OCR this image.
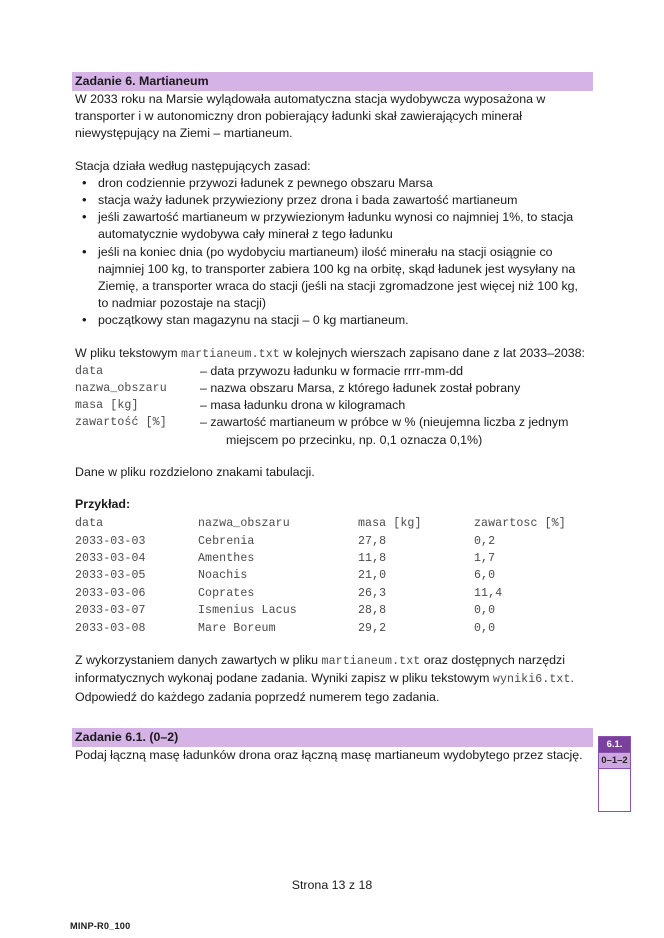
Zadanie 6. Martianeum

W 2033 roku na Marsie wylądowała automatyczna stacja wydobywcza wyposażona w transporter i w autonomiczny dron pobierający ładunki skał zawierających minerał niewystępujący na Ziemi – martianeum.

Stacja działa według następujących zasad:

• dron codziennie przywozi ładunek z pewnego obszaru Marsa
• stacja waży ładunek przywieziony przez drona i bada zawartość martianeum
• jeśli zawartość martianeum w przywiezionym ładunku wynosi co najmniej 1%, to stacja automatycznie wydobywa cały minerał z tego ładunku
• jeśli na koniec dnia (po wydobyciu martianeum) ilość minerału na stacji osiągnie co najmniej 100 kg, to transporter zabiera 100 kg na orbitę, skąd ładunek jest wysyłany na Ziemię, a transporter wraca do stacji (jeśli na stacji zgromadzone jest więcej niż 100 kg, to nadmiar pozostaje na stacji)
• początkowy stan magazynu na stacji – 0 kg martianeum.

W pliku tekstowym martianeum.txt w kolejnych wierszach zapisano dane z lat 2033–2038:

data	– data przywozu ładunku w formacie rrrr-mm-dd
nazwa_obszaru	– nazwa obszaru Marsa, z którego ładunek został pobrany
masa [kg]	– masa ładunku drona w kilogramach
zawartość [%]	– zawartość martianeum w próbce w % (nieujemna liczba z jednym
miejscem po przecinku, np. 0,1 oznacza 0,1%)

Dane w pliku rozdzielono znakami tabulacji.

Przykład:

data	nazwa_obszaru	masa [kg]	zawartosc [%]
2033-03-03	Cebrenia	27,8	0,2
2033-03-04	Amenthes	11,8	1,7
2033-03-05	Noachis	21,0	6,0
2033-03-06	Coprates	26,3	11,4
2033-03-07	Ismenius Lacus	28,8	0,0
2033-03-08	Mare Boreum	29,2	0,0

Z wykorzystaniem danych zawartych w pliku martianeum.txt oraz dostępnych narzędzi informatycznych wykonaj podane zadania. Wyniki zapisz w pliku tekstowym wyniki6.txt.

Odpowiedź do każdego zadania poprzedź numerem tego zadania.

Zadanie 6.1. (0–2)

Podaj łączną masę ładunków drona oraz łączną masę martianeum wydobytego przez stację.

6.1.
0–1–2
Strona 13 z 18
MINP-R0_100
